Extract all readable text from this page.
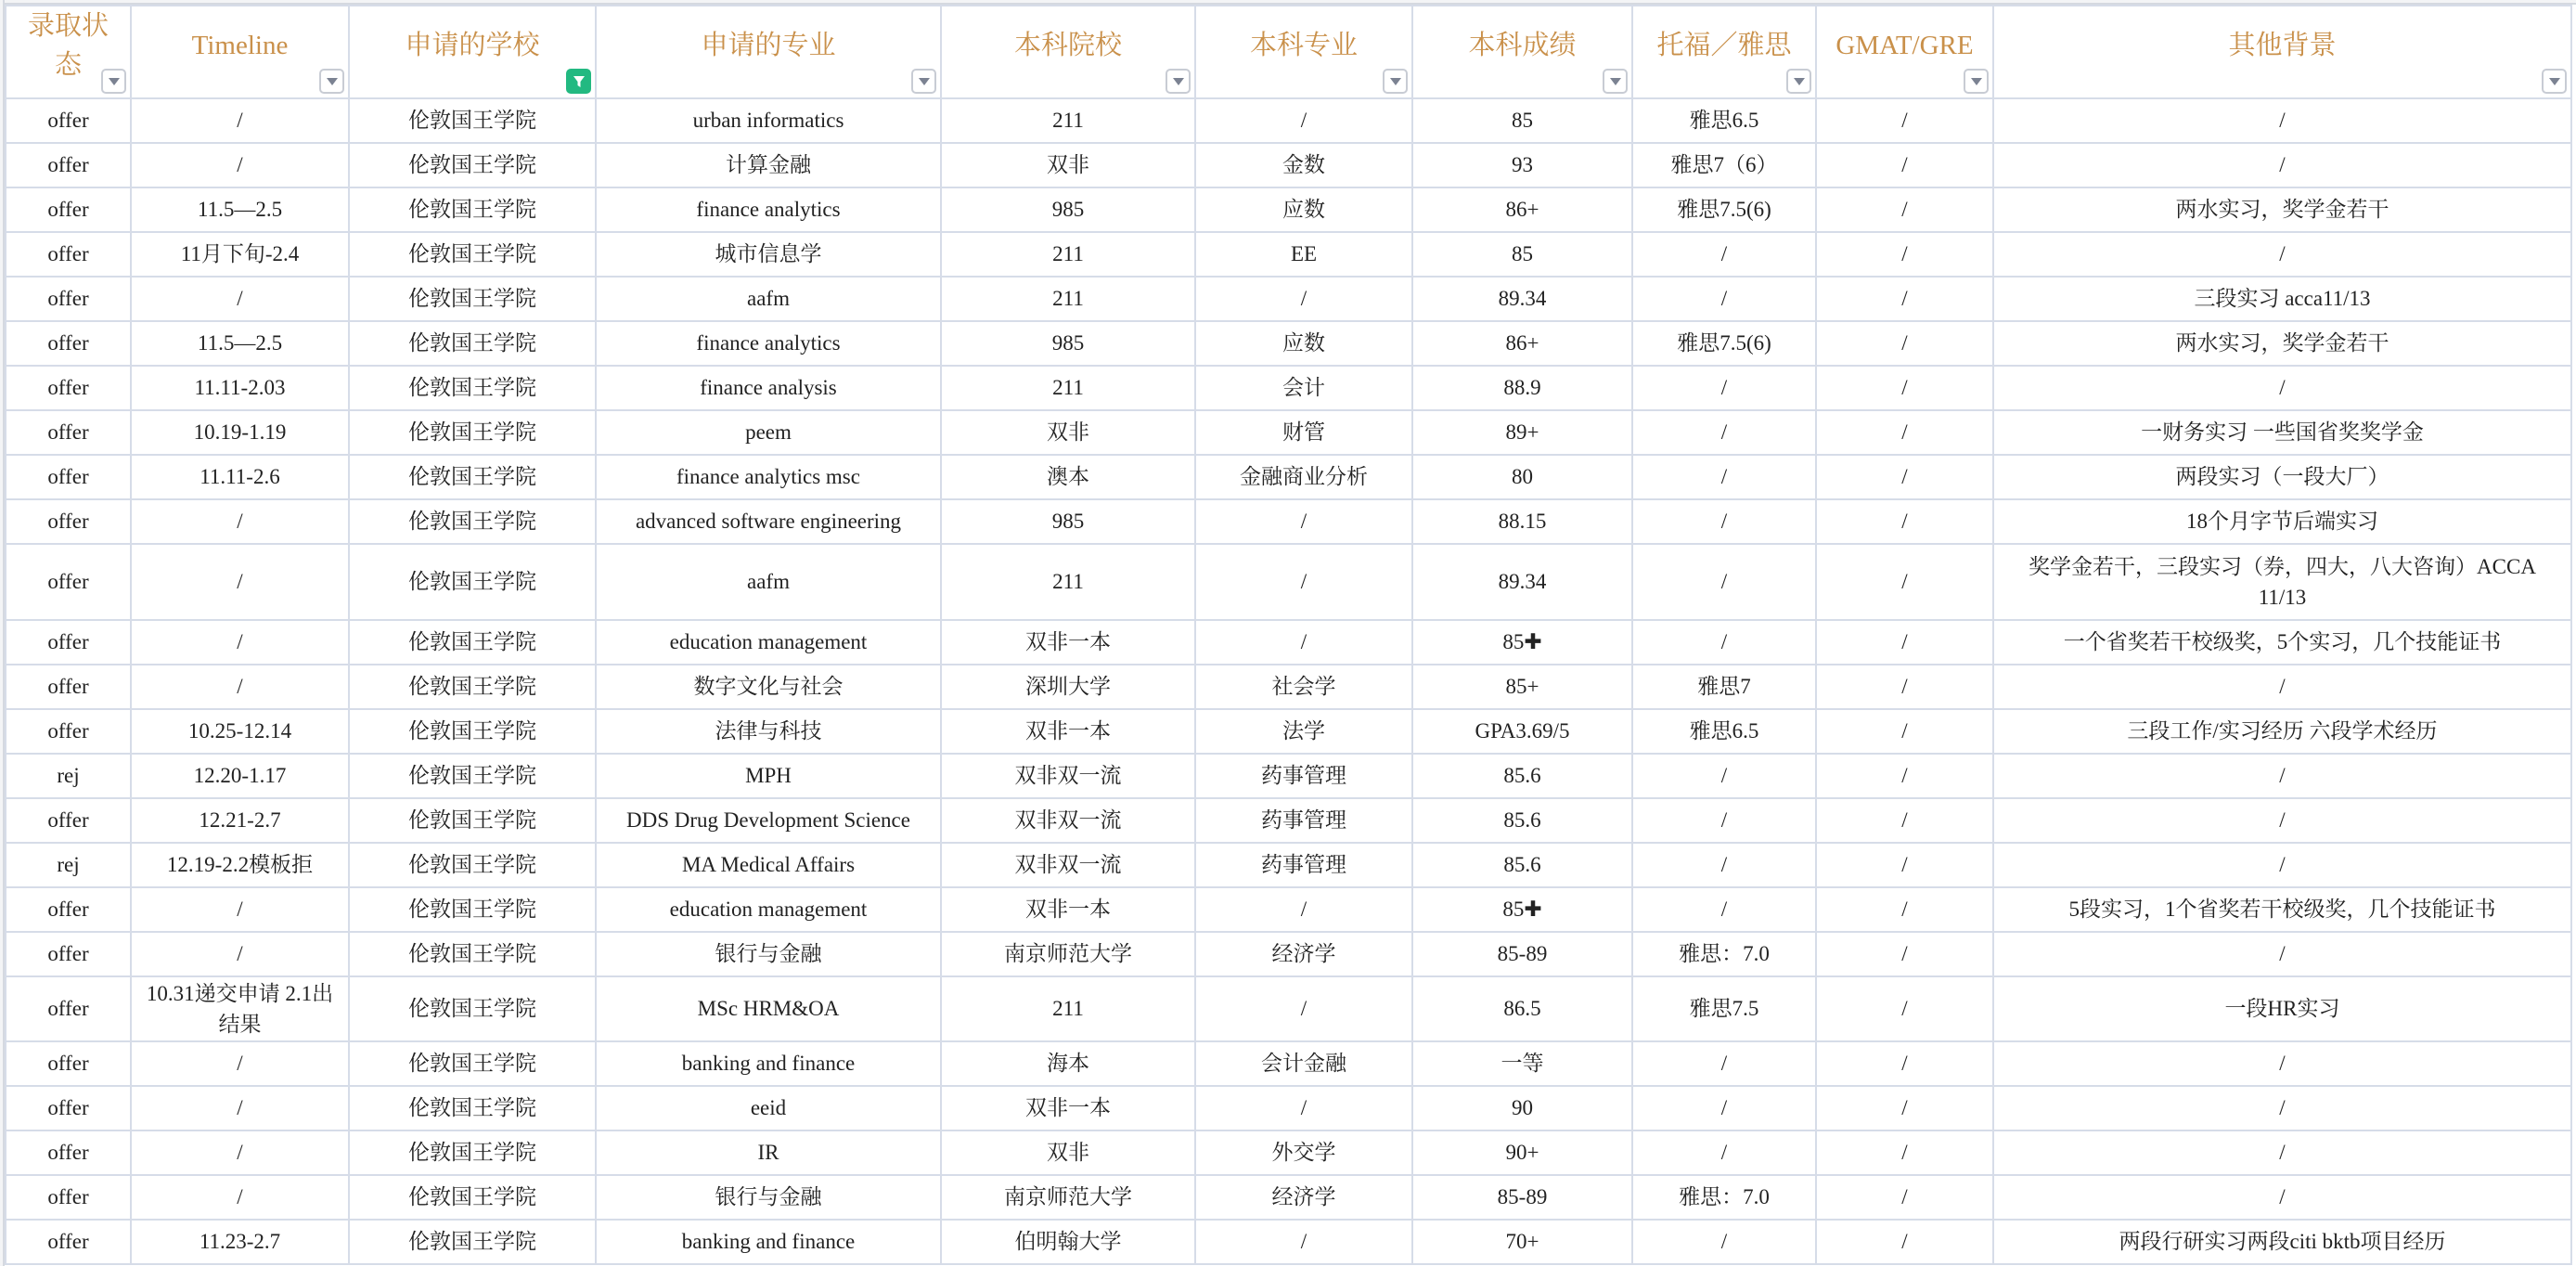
录取状态	Timeline	申请的学校	申请的专业	本科院校	本科专业	本科成绩	托福／雅思	GMAT/GRE	其他背景

offer	/	伦敦国王学院	urban informatics	211	/	85	雅思6.5	/	/
offer	/	伦敦国王学院	计算金融	双非	金数	93	雅思7（6）	/	/
offer	11.5—2.5	伦敦国王学院	finance analytics	985	应数	86+	雅思7.5(6)	/	两水实习，奖学金若干
offer	11月下旬-2.4	伦敦国王学院	城市信息学	211	EE	85	/	/	/
offer	/	伦敦国王学院	aafm	211	/	89.34	/	/	三段实习 acca11/13
offer	11.5—2.5	伦敦国王学院	finance analytics	985	应数	86+	雅思7.5(6)	/	两水实习，奖学金若干
offer	11.11-2.03	伦敦国王学院	finance analysis	211	会计	88.9	/	/	/
offer	10.19-1.19	伦敦国王学院	peem	双非	财管	89+	/	/	一财务实习 一些国省奖奖学金
offer	11.11-2.6	伦敦国王学院	finance analytics msc	澳本	金融商业分析	80	/	/	两段实习（一段大厂）
offer	/	伦敦国王学院	advanced software engineering	985	/	88.15	/	/	18个月字节后端实习
offer	/	伦敦国王学院	aafm	211	/	89.34	/	/	奖学金若干，三段实习（券，四大，八大咨询）ACCA 11/13
offer	/	伦敦国王学院	education management	双非一本	/	85✚	/	/	一个省奖若干校级奖，5个实习，几个技能证书
offer	/	伦敦国王学院	数字文化与社会	深圳大学	社会学	85+	雅思7	/	/
offer	10.25-12.14	伦敦国王学院	法律与科技	双非一本	法学	GPA3.69/5	雅思6.5	/	三段工作/实习经历 六段学术经历
rej	12.20-1.17	伦敦国王学院	MPH	双非双一流	药事管理	85.6	/	/	/
offer	12.21-2.7	伦敦国王学院	DDS Drug Development Science	双非双一流	药事管理	85.6	/	/	/
rej	12.19-2.2模板拒	伦敦国王学院	MA Medical Affairs	双非双一流	药事管理	85.6	/	/	/
offer	/	伦敦国王学院	education management	双非一本	/	85✚	/	/	5段实习，1个省奖若干校级奖，几个技能证书
offer	/	伦敦国王学院	银行与金融	南京师范大学	经济学	85-89	雅思：7.0	/	/
offer	10.31递交申请 2.1出结果	伦敦国王学院	MSc HRM&OA	211	/	86.5	雅思7.5	/	一段HR实习
offer	/	伦敦国王学院	banking and finance	海本	会计金融	一等	/	/	/
offer	/	伦敦国王学院	eeid	双非一本	/	90	/	/	/
offer	/	伦敦国王学院	IR	双非	外交学	90+	/	/	/
offer	/	伦敦国王学院	银行与金融	南京师范大学	经济学	85-89	雅思：7.0	/	/
offer	11.23-2.7	伦敦国王学院	banking and finance	伯明翰大学	/	70+	/	/	两段行研实习两段citi bktb项目经历
